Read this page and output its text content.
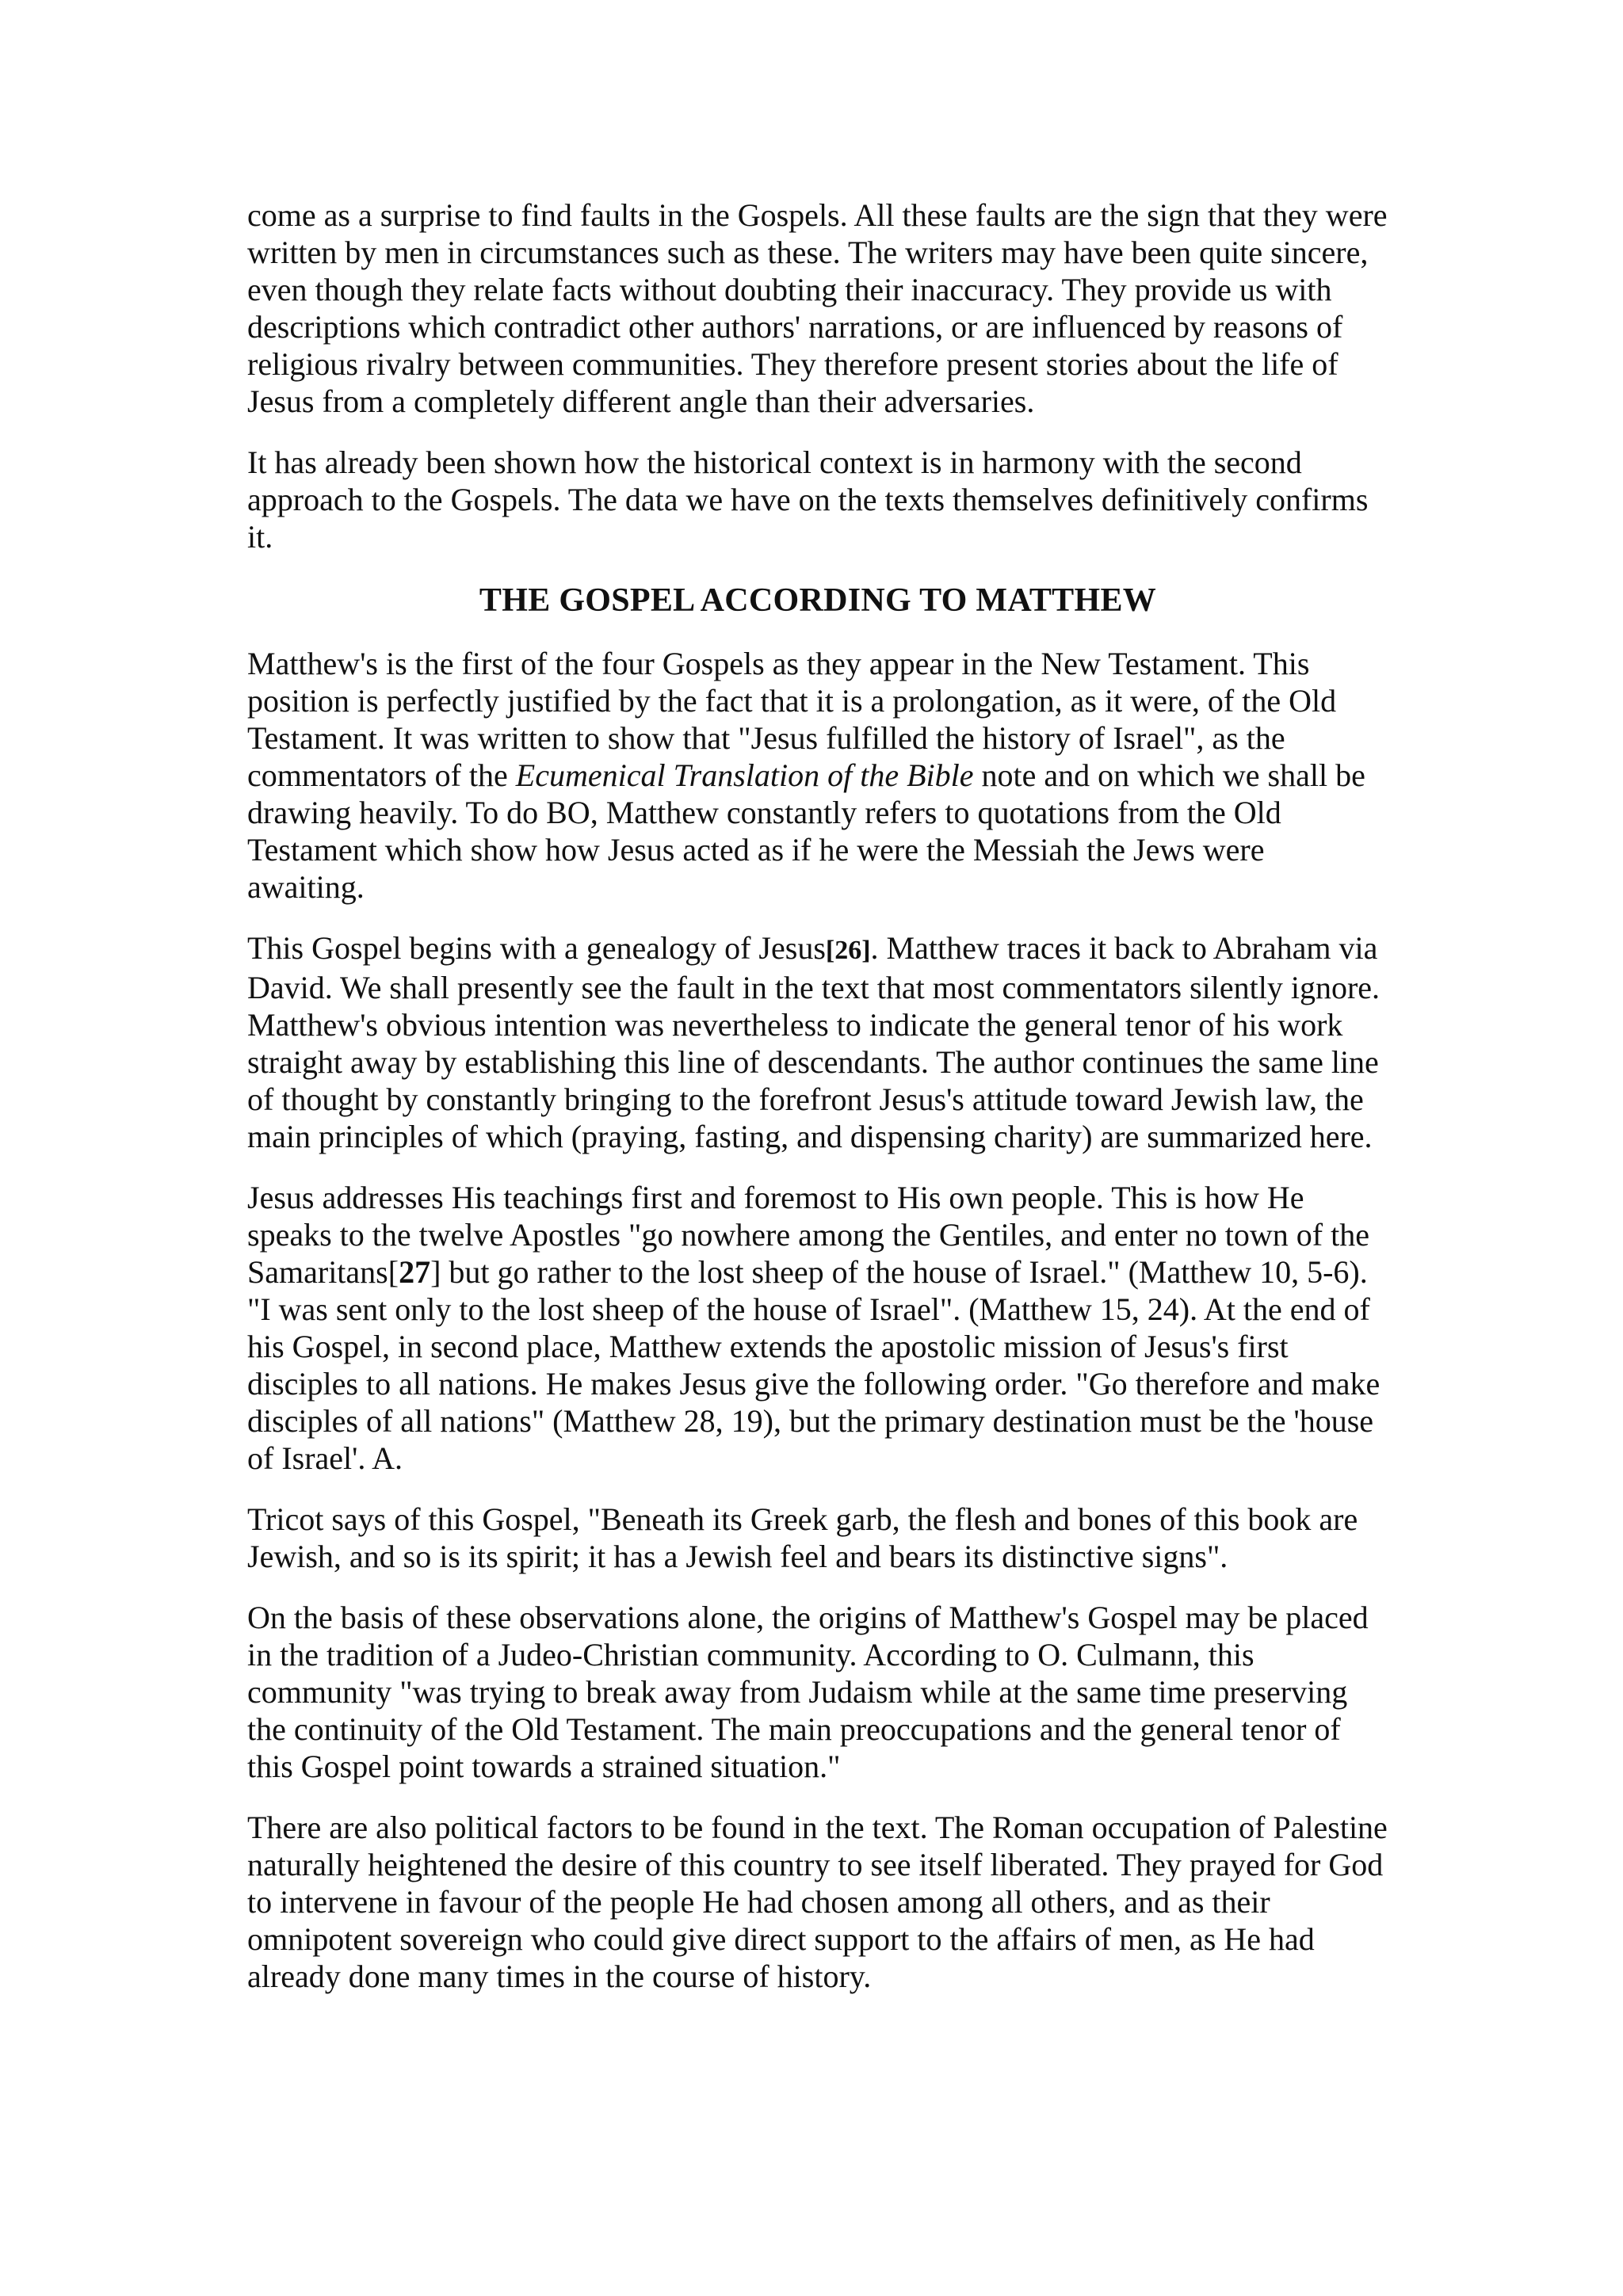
come as a surprise to find faults in the Gospels. All these faults are the sign that they were written by men in circumstances such as these. The writers may have been quite sincere, even though they relate facts without doubting their inaccuracy. They provide us with descriptions which contradict other authors' narrations, or are influenced by reasons of religious rivalry between communities. They therefore present stories about the life of Jesus from a completely different angle than their adversaries.

It has already been shown how the historical context is in harmony with the second approach to the Gospels. The data we have on the texts themselves definitively confirms it.

THE GOSPEL ACCORDING TO MATTHEW

Matthew's is the first of the four Gospels as they appear in the New Testament. This position is perfectly justified by the fact that it is a prolongation, as it were, of the Old Testament. It was written to show that "Jesus fulfilled the history of Israel", as the commentators of the Ecumenical Translation of the Bible note and on which we shall be drawing heavily. To do BO, Matthew constantly refers to quotations from the Old Testament which show how Jesus acted as if he were the Messiah the Jews were awaiting.

This Gospel begins with a genealogy of Jesus[26]. Matthew traces it back to Abraham via David. We shall presently see the fault in the text that most commentators silently ignore. Matthew's obvious intention was nevertheless to indicate the general tenor of his work straight away by establishing this line of descendants. The author continues the same line of thought by constantly bringing to the forefront Jesus's attitude toward Jewish law, the main principles of which (praying, fasting, and dispensing charity) are summarized here.

Jesus addresses His teachings first and foremost to His own people. This is how He speaks to the twelve Apostles "go nowhere among the Gentiles, and enter no town of the Samaritans[27] but go rather to the lost sheep of the house of Israel." (Matthew 10, 5-6). "I was sent only to the lost sheep of the house of Israel". (Matthew 15, 24). At the end of his Gospel, in second place, Matthew extends the apostolic mission of Jesus's first disciples to all nations. He makes Jesus give the following order. "Go therefore and make disciples of all nations" (Matthew 28, 19), but the primary destination must be the 'house of Israel'. A.

Tricot says of this Gospel, "Beneath its Greek garb, the flesh and bones of this book are Jewish, and so is its spirit; it has a Jewish feel and bears its distinctive signs".

On the basis of these observations alone, the origins of Matthew's Gospel may be placed in the tradition of a Judeo-Christian community. According to O. Culmann, this community "was trying to break away from Judaism while at the same time preserving the continuity of the Old Testament. The main preoccupations and the general tenor of this Gospel point towards a strained situation."

There are also political factors to be found in the text. The Roman occupation of Palestine naturally heightened the desire of this country to see itself liberated. They prayed for God to intervene in favour of the people He had chosen among all others, and as their omnipotent sovereign who could give direct support to the affairs of men, as He had already done many times in the course of history.
